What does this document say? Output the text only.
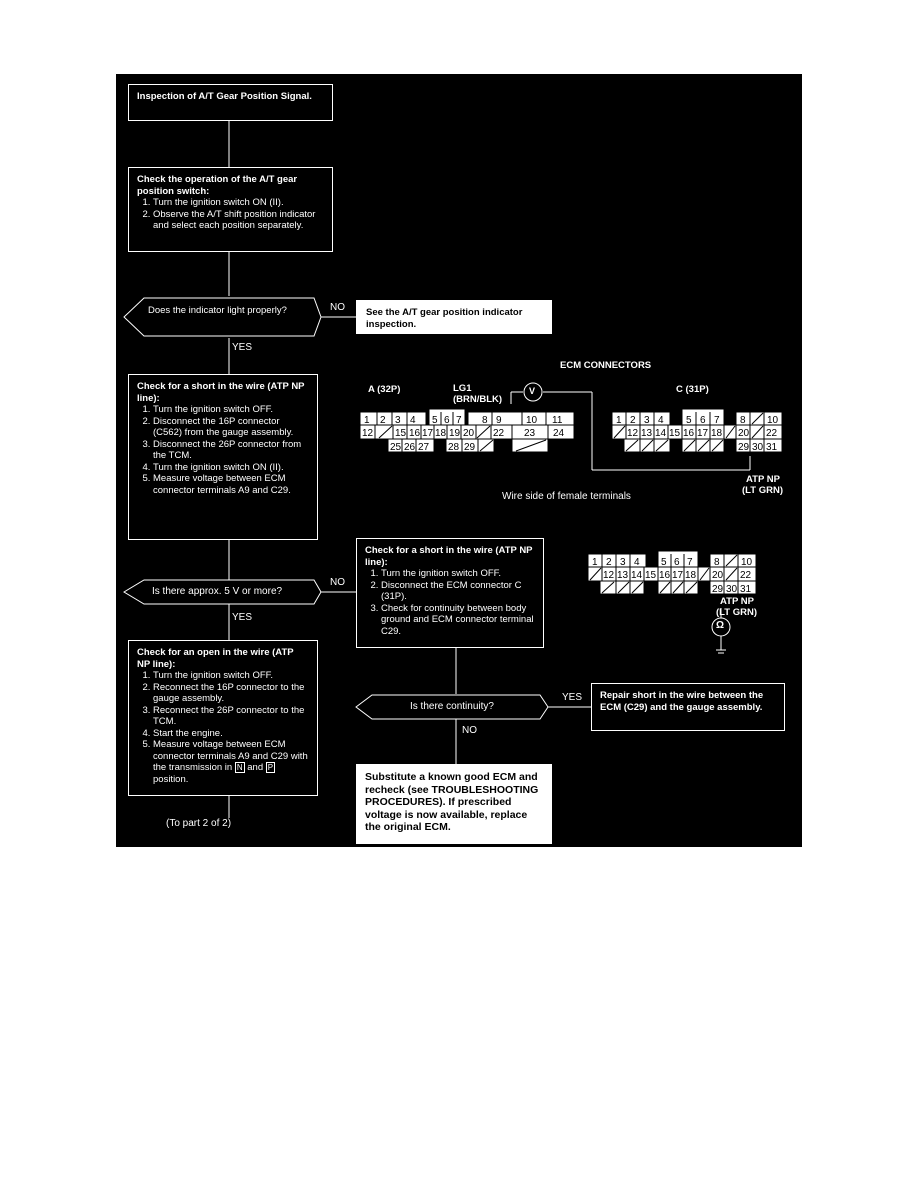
Inspection of A/T Gear Position Signal.
Check the operation of the A/T gear position switch:
1. Turn the ignition switch ON (II).
2. Observe the A/T shift position indicator and select each position separately.
Does the indicator light properly?	NO
YES
See the A/T gear position indicator inspection.
Check for a short in the wire (ATP NP line):
1. Turn the ignition switch OFF.
2. Disconnect the 16P connector (C562) from the gauge assembly.
3. Disconnect the 26P connector from the TCM.
4. Turn the ignition switch ON (II).
5. Measure voltage between ECM connector terminals A9 and C29.
ECM CONNECTORS
A (32P)	LG1
(BRN/BLK)
V	C (31P)
ATP NP
(LT GRN)
Wire side of female terminals
1 2 3 4 5 6 7 8 9 10 11
12 15 16 17 18 19 20 22 23 24
25 26 27 28 29
1 2 3 4 5 6 7 8 10
12 13 14 15 16 17 18 20 22
29 30 31
1 2 3 4 5 6 7 8 10
12 13 14 15 16 17 18 20 22
29 30 31
ATP NP
(LT GRN)
Ω
Is there approx. 5 V or more?
NO
YES
Check for a short in the wire (ATP NP line):
1. Turn the ignition switch OFF.
2. Disconnect the ECM connector C (31P).
3. Check for continuity between body ground and ECM connector terminal C29.
Check for an open in the wire (ATP NP line):
1. Turn the ignition switch OFF.
2. Reconnect the 16P connector to the gauge assembly.
3. Reconnect the 26P connector to the TCM.
4. Start the engine.
5. Measure voltage between ECM connector terminals A9 and C29 with the transmission in N and P position.
(To part 2 of 2)
Is there continuity?
YES
NO
Repair short in the wire between the ECM (C29) and the gauge assembly.
Substitute a known good ECM and recheck (see TROUBLESHOOTING PROCEDURES). If prescribed voltage is now available, replace the original ECM.
